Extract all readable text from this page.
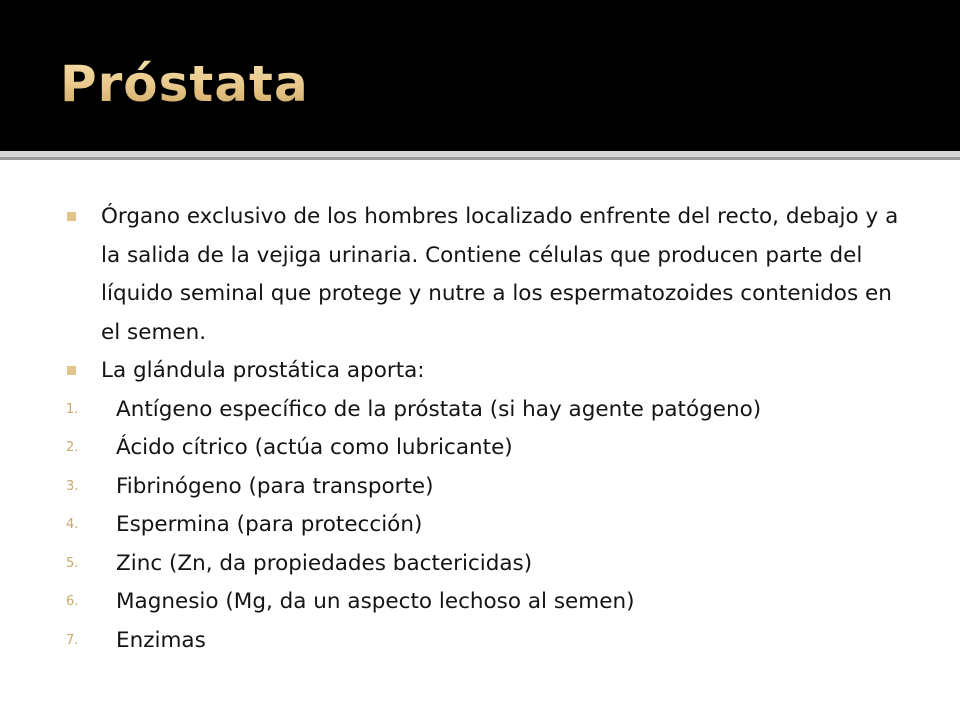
Próstata
Órgano exclusivo de los hombres localizado enfrente del recto, debajo y a la salida de la vejiga urinaria. Contiene células que producen parte del líquido seminal que protege y nutre a los espermatozoides contenidos en el semen.
La glándula prostática aporta:
1. Antígeno específico de la próstata (si hay agente patógeno)
2. Ácido cítrico (actúa como lubricante)
3. Fibrinógeno (para transporte)
4. Espermina (para protección)
5. Zinc (Zn, da propiedades bactericidas)
6. Magnesio (Mg, da un aspecto lechoso al semen)
7. Enzimas
